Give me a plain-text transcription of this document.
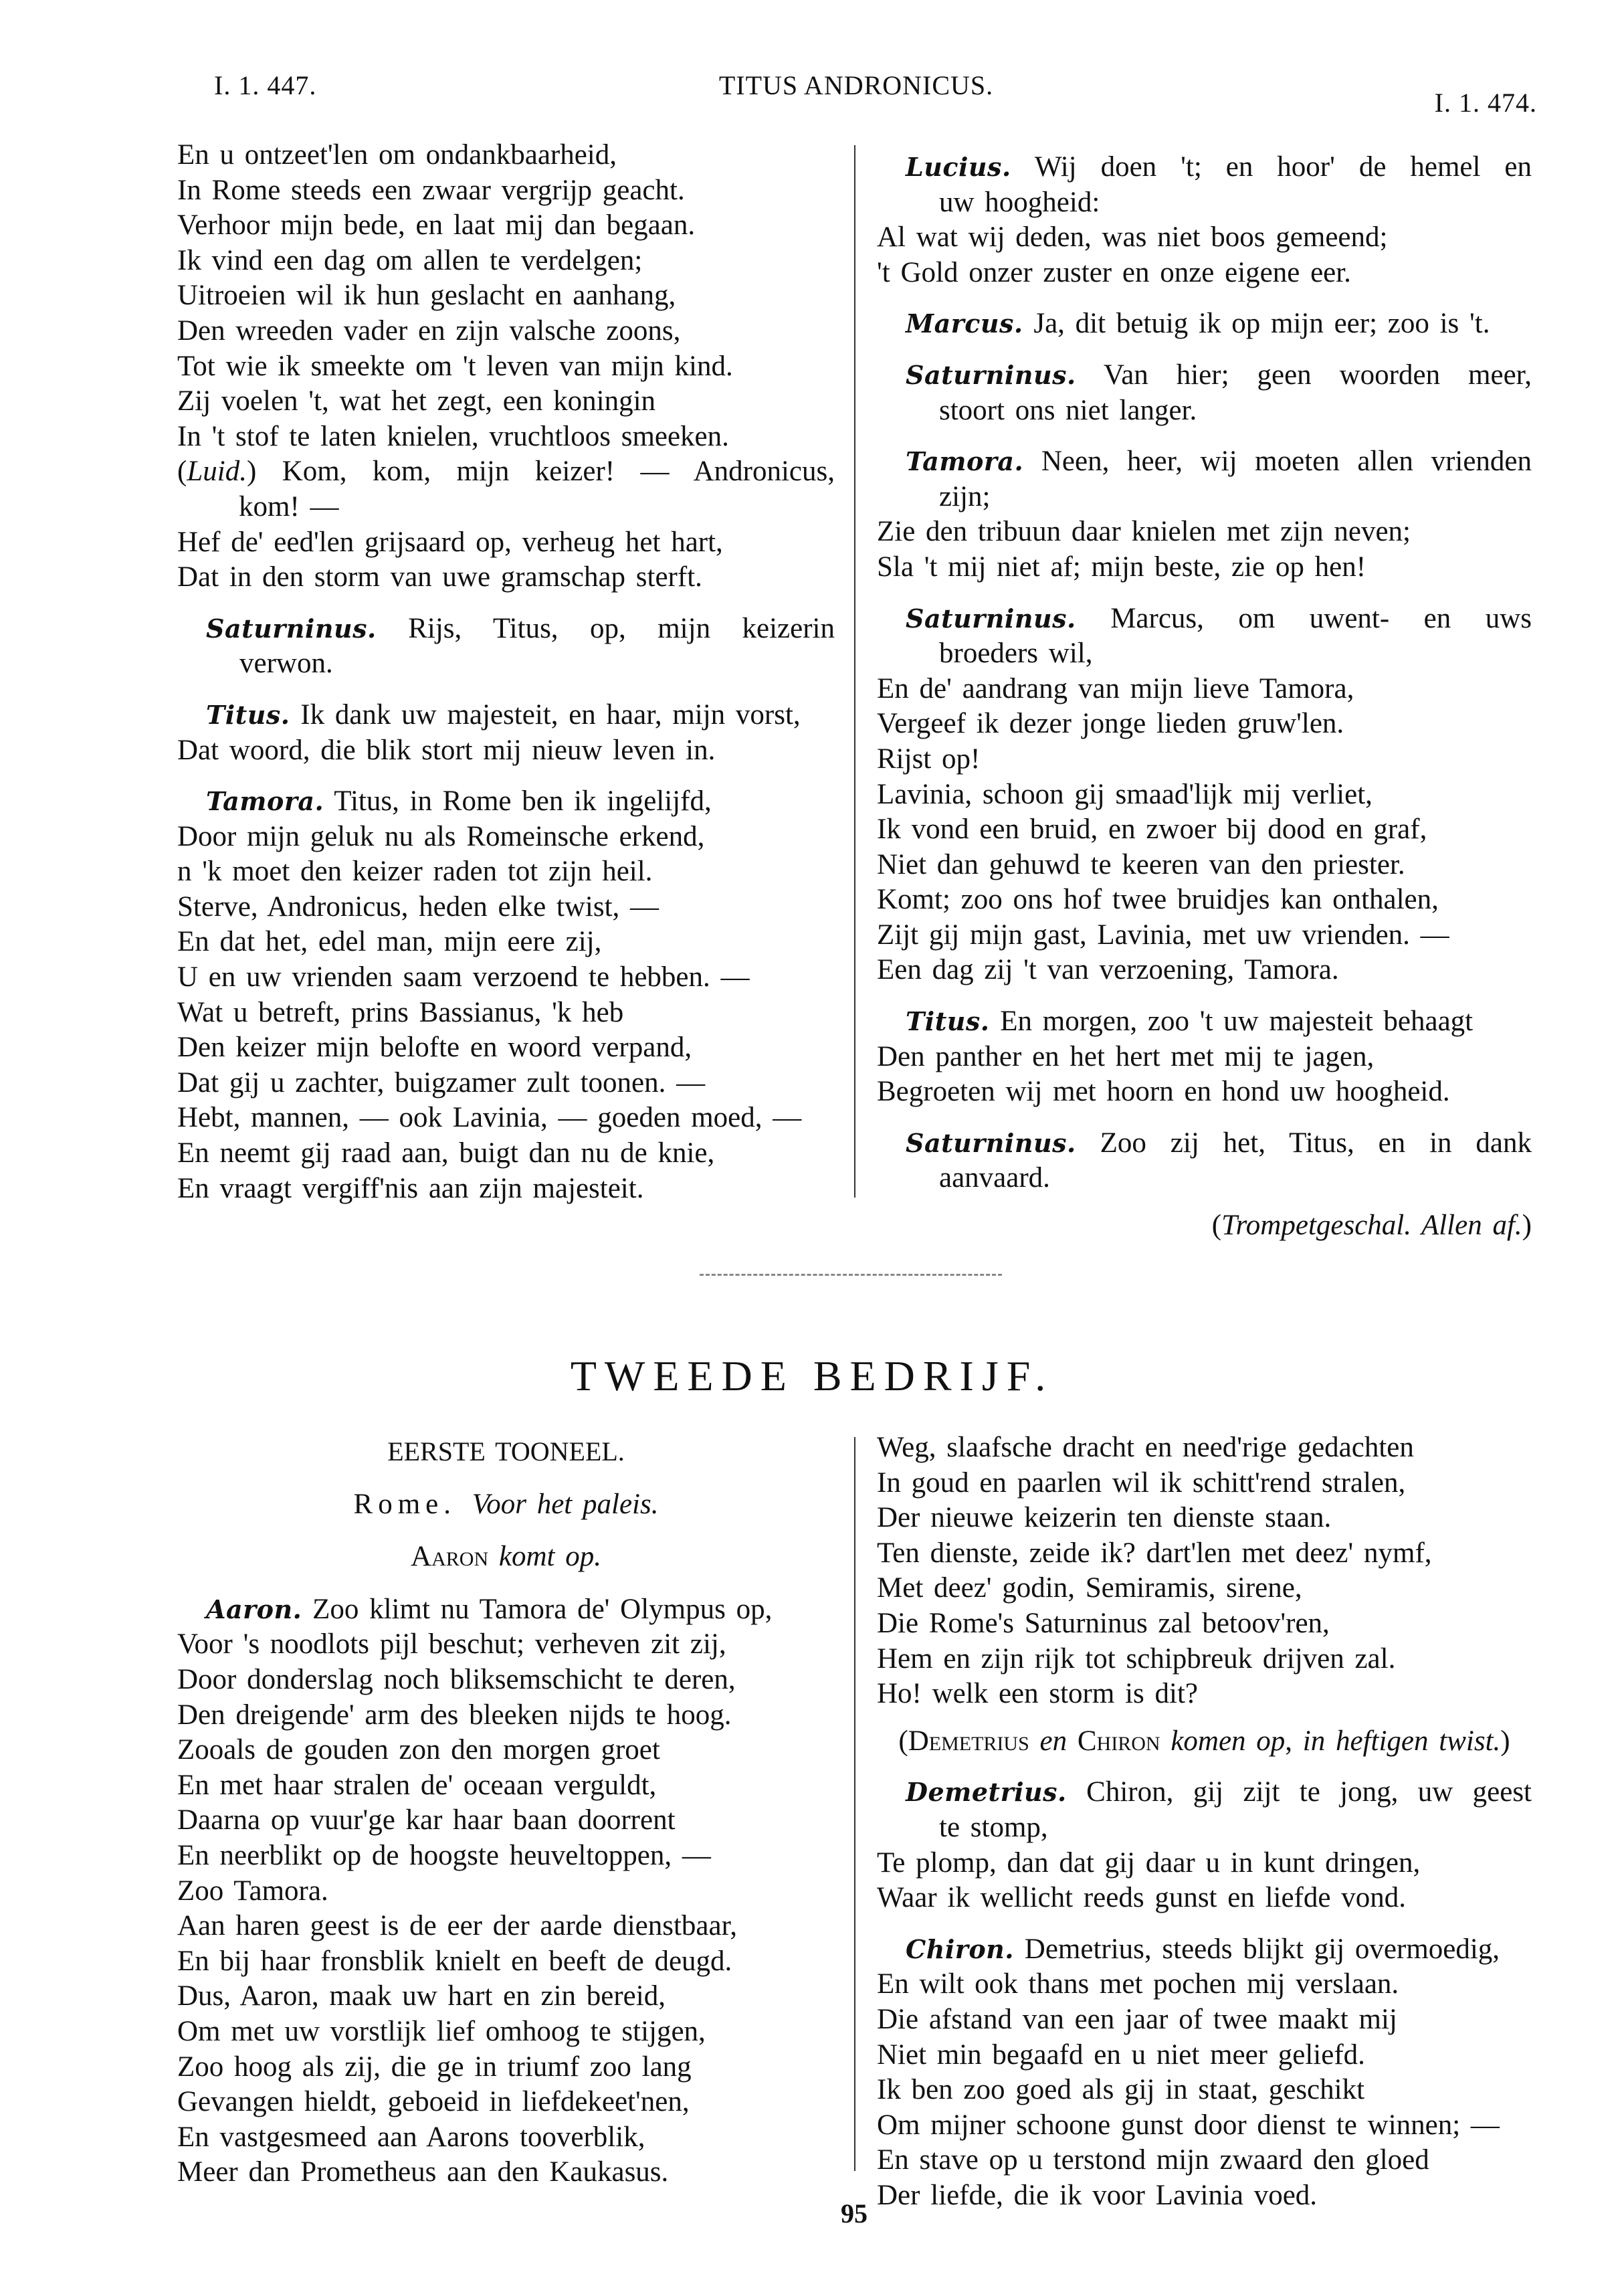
I. 1. 447.	TITUS ANDRONICUS.
I. 1. 474.
En u ontzeet'len om ondankbaarheid,
In Rome steeds een zwaar vergrijp geacht.
Verhoor mijn bede, en laat mij dan begaan.
Ik vind een dag om allen te verdelgen;
Uitroeien wil ik hun geslacht en aanhang,
Den wreeden vader en zijn valsche zoons,
Tot wie ik smeekte om 't leven van mijn kind.
Zij voelen 't, wat het zegt, een koningin
In 't stof te laten knielen, vruchtloos smeeken.
(Luid.) Kom, kom, mijn keizer! — Andronicus,
kom! —
Hef de' eed'len grijsaard op, verheug het hart,
Dat in den storm van uwe gramschap sterft.
Saturninus. Rijs, Titus, op, mijn keizerin
verwon.
Titus. Ik dank uw majesteit, en haar, mijn vorst,
Dat woord, die blik stort mij nieuw leven in.
Tamora. Titus, in Rome ben ik ingelijfd,
Door mijn geluk nu als Romeinsche erkend,
n 'k moet den keizer raden tot zijn heil.
Sterve, Andronicus, heden elke twist, —
En dat het, edel man, mijn eere zij,
U en uw vrienden saam verzoend te hebben. —
Wat u betreft, prins Bassianus, 'k heb
Den keizer mijn belofte en woord verpand,
Dat gij u zachter, buigzamer zult toonen. —
Hebt, mannen, — ook Lavinia, — goeden moed, —
En neemt gij raad aan, buigt dan nu de knie,
En vraagt vergiff'nis aan zijn majesteit.
Lucius. Wij doen 't; en hoor' de hemel en
uw hoogheid:
Al wat wij deden, was niet boos gemeend;
't Gold onzer zuster en onze eigene eer.
Marcus. Ja, dit betuig ik op mijn eer; zoo is 't.
Saturninus. Van hier; geen woorden meer,
stoort ons niet langer.
Tamora. Neen, heer, wij moeten allen vrienden
zijn;
Zie den tribuun daar knielen met zijn neven;
Sla 't mij niet af; mijn beste, zie op hen!
Saturninus. Marcus, om uwent- en uws
broeders wil,
En de' aandrang van mijn lieve Tamora,
Vergeef ik dezer jonge lieden gruw'len.
Rijst op!
Lavinia, schoon gij smaad'lijk mij verliet,
Ik vond een bruid, en zwoer bij dood en graf,
Niet dan gehuwd te keeren van den priester.
Komt; zoo ons hof twee bruidjes kan onthalen,
Zijt gij mijn gast, Lavinia, met uw vrienden. —
Een dag zij 't van verzoening, Tamora.
Titus. En morgen, zoo 't uw majesteit behaagt
Den panther en het hert met mij te jagen,
Begroeten wij met hoorn en hond uw hoogheid.
Saturninus. Zoo zij het, Titus, en in dank
aanvaard.
(Trompetgeschal. Allen af.)
TWEEDE BEDRIJF.
EERSTE TOONEEL.
Rome. Voor het paleis.
Aaron komt op.
Aaron. Zoo klimt nu Tamora de' Olympus op,
Voor 's noodlots pijl beschut; verheven zit zij,
Door donderslag noch bliksemschicht te deren,
Den dreigende' arm des bleeken nijds te hoog.
Zooals de gouden zon den morgen groet
En met haar stralen de' oceaan verguldt,
Daarna op vuur'ge kar haar baan doorrent
En neerblikt op de hoogste heuveltoppen, —
Zoo Tamora.
Aan haren geest is de eer der aarde dienstbaar,
En bij haar fronsblik knielt en beeft de deugd.
Dus, Aaron, maak uw hart en zin bereid,
Om met uw vorstlijk lief omhoog te stijgen,
Zoo hoog als zij, die ge in triumf zoo lang
Gevangen hieldt, geboeid in liefdekeet'nen,
En vastgesmeed aan Aarons tooverblik,
Meer dan Prometheus aan den Kaukasus.
Weg, slaafsche dracht en need'rige gedachten
In goud en paarlen wil ik schitt'rend stralen,
Der nieuwe keizerin ten dienste staan.
Ten dienste, zeide ik? dart'len met deez' nymf,
Met deez' godin, Semiramis, sirene,
Die Rome's Saturninus zal betoov'ren,
Hem en zijn rijk tot schipbreuk drijven zal.
Ho! welk een storm is dit?
(Demetrius en Chiron komen op, in heftigen twist.)
Demetrius. Chiron, gij zijt te jong, uw geest
te stomp,
Te plomp, dan dat gij daar u in kunt dringen,
Waar ik wellicht reeds gunst en liefde vond.
Chiron. Demetrius, steeds blijkt gij overmoedig,
En wilt ook thans met pochen mij verslaan.
Die afstand van een jaar of twee maakt mij
Niet min begaafd en u niet meer geliefd.
Ik ben zoo goed als gij in staat, geschikt
Om mijner schoone gunst door dienst te winnen; —
En stave op u terstond mijn zwaard den gloed
Der liefde, die ik voor Lavinia voed.
95
